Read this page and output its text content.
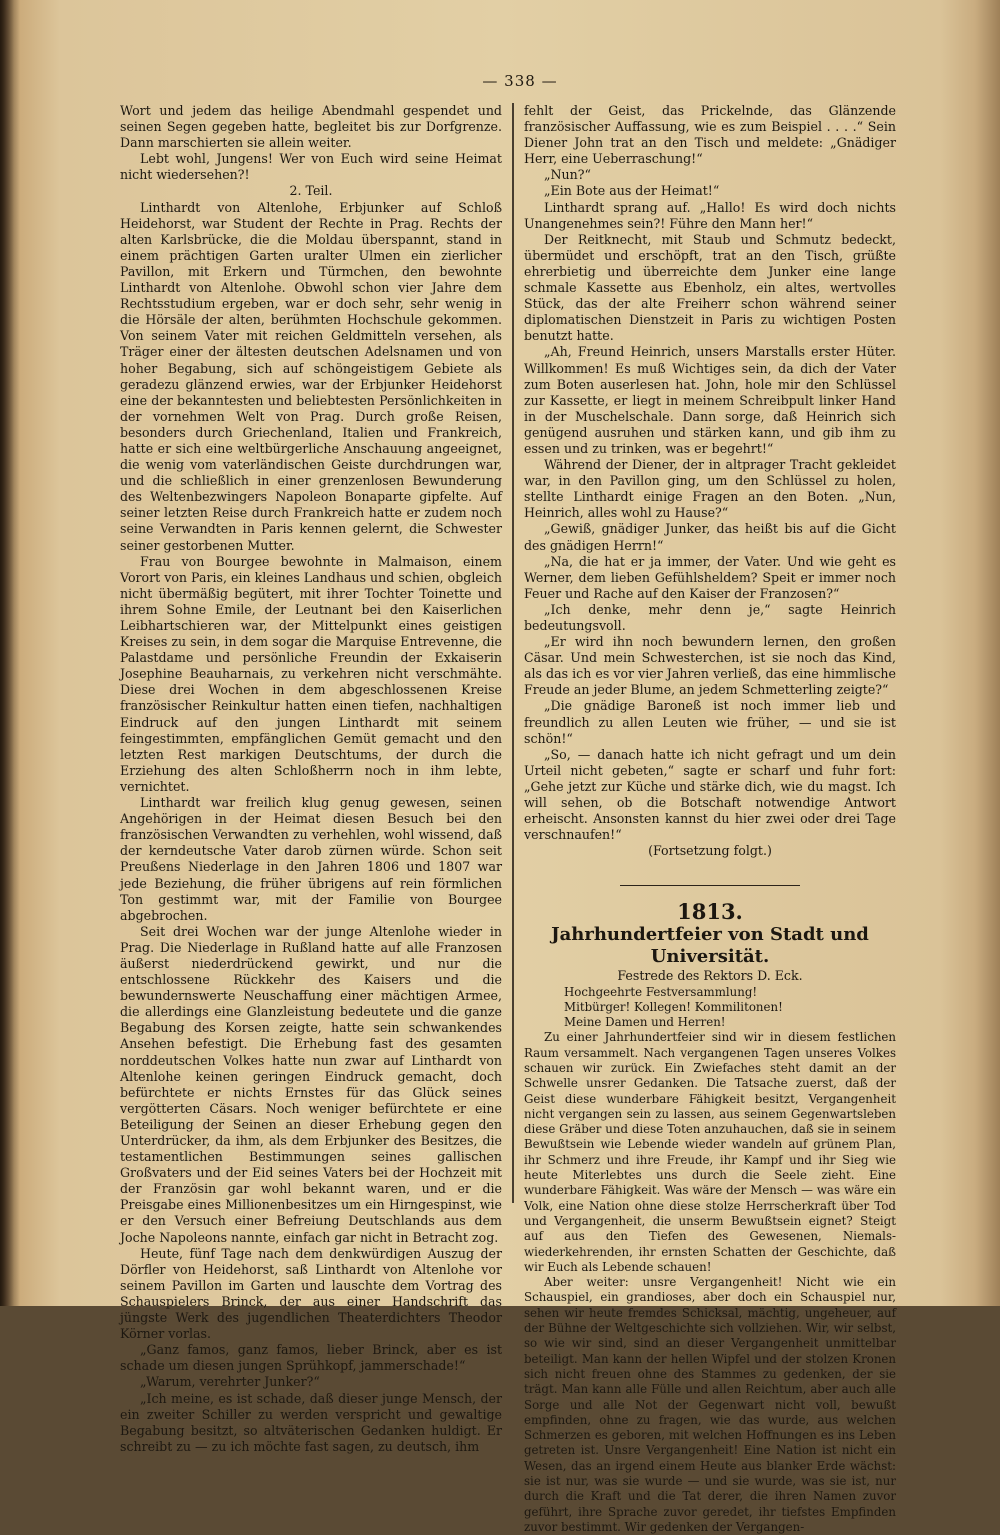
— 338 —

Wort und jedem das heilige Abendmahl gespendet und seinen Segen gegeben hatte, begleitet bis zur Dorfgrenze. Dann marschierten sie allein weiter.

Lebt wohl, Jungens! Wer von Euch wird seine Heimat nicht wiedersehen?!

2. Teil.

Linthardt von Altenlohe, Erbjunker auf Schloß Heidehorst, war Student der Rechte in Prag. Rechts der alten Karlsbrücke, die die Moldau überspannt, stand in einem prächtigen Garten uralter Ulmen ein zierlicher Pavillon, mit Erkern und Türmchen, den bewohnte Linthardt von Altenlohe. Obwohl schon vier Jahre dem Rechtsstudium ergeben, war er doch sehr, sehr wenig in die Hörsäle der alten, berühmten Hochschule gekommen. Von seinem Vater mit reichen Geldmitteln versehen, als Träger einer der ältesten deutschen Adelsnamen und von hoher Begabung, sich auf schöngeistigem Gebiete als geradezu glänzend erwies, war der Erbjunker Heidehorst eine der bekanntesten und beliebtesten Persönlichkeiten in der vornehmen Welt von Prag. Durch große Reisen, besonders durch Griechenland, Italien und Frankreich, hatte er sich eine weltbürgerliche Anschauung angeeignet, die wenig vom vaterländischen Geiste durchdrungen war, und die schließlich in einer grenzenlosen Bewunderung des Weltenbezwingers Napoleon Bonaparte gipfelte. Auf seiner letzten Reise durch Frankreich hatte er zudem noch seine Verwandten in Paris kennen gelernt, die Schwester seiner gestorbenen Mutter.

Frau von Bourgee bewohnte in Malmaison, einem Vorort von Paris, ein kleines Landhaus und schien, obgleich nicht übermäßig begütert, mit ihrer Tochter Toinette und ihrem Sohne Emile, der Leutnant bei den Kaiserlichen Leibhartschieren war, der Mittelpunkt eines geistigen Kreises zu sein, in dem sogar die Marquise Entrevenne, die Palastdame und persönliche Freundin der Exkaiserin Josephine Beauharnais, zu verkehren nicht verschmähte. Diese drei Wochen in dem abgeschlossenen Kreise französischer Reinkultur hatten einen tiefen, nachhaltigen Eindruck auf den jungen Linthardt mit seinem feingestimmten, empfänglichen Gemüt gemacht und den letzten Rest markigen Deutschtums, der durch die Erziehung des alten Schloßherrn noch in ihm lebte, vernichtet.

Linthardt war freilich klug genug gewesen, seinen Angehörigen in der Heimat diesen Besuch bei den französischen Verwandten zu verhehlen, wohl wissend, daß der kerndeutsche Vater darob zürnen würde. Schon seit Preußens Niederlage in den Jahren 1806 und 1807 war jede Beziehung, die früher übrigens auf rein förmlichen Ton gestimmt war, mit der Familie von Bourgee abgebrochen.

Seit drei Wochen war der junge Altenlohe wieder in Prag. Die Niederlage in Rußland hatte auf alle Franzosen äußerst niederdrückend gewirkt, und nur die entschlossene Rückkehr des Kaisers und die bewundernswerte Neuschaffung einer mächtigen Armee, die allerdings eine Glanzleistung bedeutete und die ganze Begabung des Korsen zeigte, hatte sein schwankendes Ansehen befestigt. Die Erhebung fast des gesamten norddeutschen Volkes hatte nun zwar auf Linthardt von Altenlohe keinen geringen Eindruck gemacht, doch befürchtete er nichts Ernstes für das Glück seines vergötterten Cäsars. Noch weniger befürchtete er eine Beteiligung der Seinen an dieser Erhebung gegen den Unterdrücker, da ihm, als dem Erbjunker des Besitzes, die testamentlichen Bestimmungen seines gallischen Großvaters und der Eid seines Vaters bei der Hochzeit mit der Französin gar wohl bekannt waren, und er die Preisgabe eines Millionenbesitzes um ein Hirngespinst, wie er den Versuch einer Befreiung Deutschlands aus dem Joche Napoleons nannte, einfach gar nicht in Betracht zog.

Heute, fünf Tage nach dem denkwürdigen Auszug der Dörfler von Heidehorst, saß Linthardt von Altenlohe vor seinem Pavillon im Garten und lauschte dem Vortrag des Schauspielers Brinck, der aus einer Handschrift das jüngste Werk des jugendlichen Theaterdichters Theodor Körner vorlas.

„Ganz famos, ganz famos, lieber Brinck, aber es ist schade um diesen jungen Sprühkopf, jammerschade!“

„Warum, verehrter Junker?“

„Ich meine, es ist schade, daß dieser junge Mensch, der ein zweiter Schiller zu werden verspricht und gewaltige Begabung besitzt, so altväterischen Gedanken huldigt. Er schreibt zu — zu ich möchte fast sagen, zu deutsch, ihm

fehlt der Geist, das Prickelnde, das Glänzende französischer Auffassung, wie es zum Beispiel . . . .“ Sein Diener John trat an den Tisch und meldete: „Gnädiger Herr, eine Ueberraschung!“

„Nun?“

„Ein Bote aus der Heimat!“

Linthardt sprang auf. „Hallo! Es wird doch nichts Unangenehmes sein?! Führe den Mann her!“

Der Reitknecht, mit Staub und Schmutz bedeckt, übermüdet und erschöpft, trat an den Tisch, grüßte ehrerbietig und überreichte dem Junker eine lange schmale Kassette aus Ebenholz, ein altes, wertvolles Stück, das der alte Freiherr schon während seiner diplomatischen Dienstzeit in Paris zu wichtigen Posten benutzt hatte.

„Ah, Freund Heinrich, unsers Marstalls erster Hüter. Willkommen! Es muß Wichtiges sein, da dich der Vater zum Boten auserlesen hat. John, hole mir den Schlüssel zur Kassette, er liegt in meinem Schreibpult linker Hand in der Muschelschale. Dann sorge, daß Heinrich sich genügend ausruhen und stärken kann, und gib ihm zu essen und zu trinken, was er begehrt!“

Während der Diener, der in altprager Tracht gekleidet war, in den Pavillon ging, um den Schlüssel zu holen, stellte Linthardt einige Fragen an den Boten. „Nun, Heinrich, alles wohl zu Hause?“

„Gewiß, gnädiger Junker, das heißt bis auf die Gicht des gnädigen Herrn!“

„Na, die hat er ja immer, der Vater. Und wie geht es Werner, dem lieben Gefühlsheldem? Speit er immer noch Feuer und Rache auf den Kaiser der Franzosen?“

„Ich denke, mehr denn je,“ sagte Heinrich bedeutungsvoll.

„Er wird ihn noch bewundern lernen, den großen Cäsar. Und mein Schwesterchen, ist sie noch das Kind, als das ich es vor vier Jahren verließ, das eine himmlische Freude an jeder Blume, an jedem Schmetterling zeigte?“

„Die gnädige Baroneß ist noch immer lieb und freundlich zu allen Leuten wie früher, — und sie ist schön!“

„So, — danach hatte ich nicht gefragt und um dein Urteil nicht gebeten,“ sagte er scharf und fuhr fort: „Gehe jetzt zur Küche und stärke dich, wie du magst. Ich will sehen, ob die Botschaft notwendige Antwort erheischt. Ansonsten kannst du hier zwei oder drei Tage verschnaufen!“

(Fortsetzung folgt.)

1813.

Jahrhundertfeier von Stadt und Universität.

Festrede des Rektors D. Eck.

Hochgeehrte Festversammlung!

Mitbürger! Kollegen! Kommilitonen!

Meine Damen und Herren!

Zu einer Jahrhundertfeier sind wir in diesem festlichen Raum versammelt. Nach vergangenen Tagen unseres Volkes schauen wir zurück. Ein Zwiefaches steht damit an der Schwelle unsrer Gedanken. Die Tatsache zuerst, daß der Geist diese wunderbare Fähigkeit besitzt, Vergangenheit nicht vergangen sein zu lassen, aus seinem Gegenwartsleben diese Gräber und diese Toten anzuhauchen, daß sie in seinem Bewußtsein wie Lebende wieder wandeln auf grünem Plan, ihr Schmerz und ihre Freude, ihr Kampf und ihr Sieg wie heute Miterlebtes uns durch die Seele zieht. Eine wunderbare Fähigkeit. Was wäre der Mensch — was wäre ein Volk, eine Nation ohne diese stolze Herrscherkraft über Tod und Vergangenheit, die unserm Bewußtsein eignet? Steigt auf aus den Tiefen des Gewesenen, Niemals-wiederkehrenden, ihr ernsten Schatten der Geschichte, daß wir Euch als Lebende schauen!

Aber weiter: unsre Vergangenheit! Nicht wie ein Schauspiel, ein grandioses, aber doch ein Schauspiel nur, sehen wir heute fremdes Schicksal, mächtig, ungeheuer, auf der Bühne der Weltgeschichte sich vollziehen. Wir, wir selbst, so wie wir sind, sind an dieser Vergangenheit unmittelbar beteiligt. Man kann der hellen Wipfel und der stolzen Kronen sich nicht freuen ohne des Stammes zu gedenken, der sie trägt. Man kann alle Fülle und allen Reichtum, aber auch alle Sorge und alle Not der Gegenwart nicht voll, bewußt empfinden, ohne zu fragen, wie das wurde, aus welchen Schmerzen es geboren, mit welchen Hoffnungen es ins Leben getreten ist. Unsre Vergangenheit! Eine Nation ist nicht ein Wesen, das an irgend einem Heute aus blanker Erde wächst: sie ist nur, was sie wurde — und sie wurde, was sie ist, nur durch die Kraft und die Tat derer, die ihren Namen zuvor geführt, ihre Sprache zuvor geredet, ihr tiefstes Empfinden zuvor bestimmt. Wir gedenken der Vergangen-
